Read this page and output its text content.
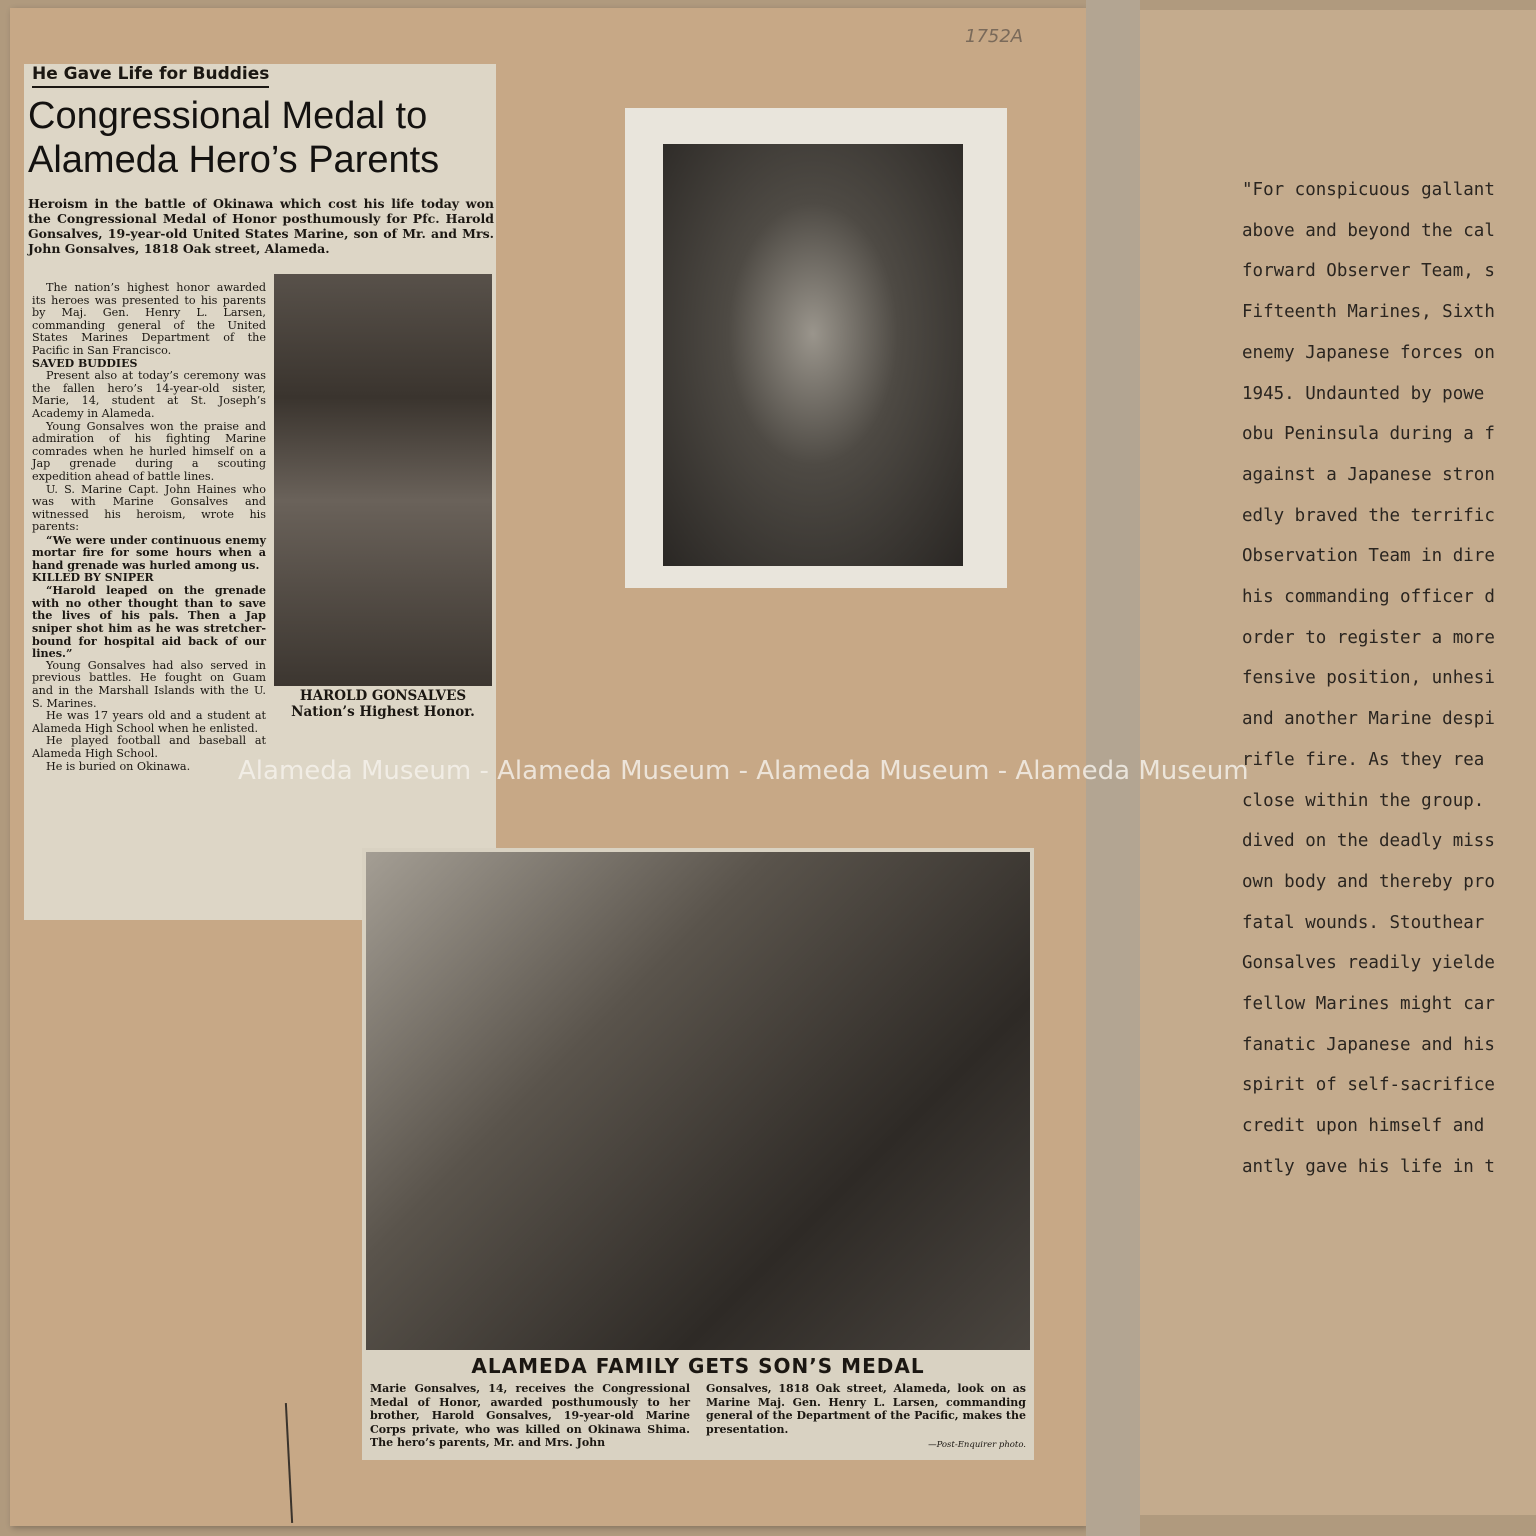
1752A
He Gave Life for Buddies
Congressional Medal to Alameda Hero’s Parents
Heroism in the battle of Okinawa which cost his life today won the Congressional Medal of Honor posthumously for Pfc. Harold Gonsalves, 19-year-old United States Marine, son of Mr. and Mrs. John Gonsalves, 1818 Oak street, Alameda.

The nation’s highest honor awarded its heroes was presented to his parents by Maj. Gen. Henry L. Larsen, commanding general of the United States Marines Department of the Pacific in San Francisco.

SAVED BUDDIES

Present also at today’s ceremony was the fallen hero’s 14-year-old sister, Marie, 14, student at St. Joseph’s Academy in Alameda.

Young Gonsalves won the praise and admiration of his fighting Marine comrades when he hurled himself on a Jap grenade during a scouting expedition ahead of battle lines.

U. S. Marine Capt. John Haines who was with Marine Gonsalves and witnessed his heroism, wrote his parents:

“We were under continuous enemy mortar fire for some hours when a hand grenade was hurled among us.

KILLED BY SNIPER

“Harold leaped on the grenade with no other thought than to save the lives of his pals. Then a Jap sniper shot him as he was stretcher-bound for hospital aid back of our lines.”

Young Gonsalves had also served in previous battles. He fought on Guam and in the Marshall Islands with the U. S. Marines.

He was 17 years old and a student at Alameda High School when he enlisted.

He played football and baseball at Alameda High School.

He is buried on Okinawa.

HAROLD GONSALVES
Nation’s Highest Honor.
ALAMEDA FAMILY GETS SON’S MEDAL
Marie Gonsalves, 14, receives the Congressional Medal of Honor, awarded posthumously to her brother, Harold Gonsalves, 19-year-old Marine Corps private, who was killed on Okinawa Shima. The hero’s parents, Mr. and Mrs. John
Gonsalves, 1818 Oak street, Alameda, look on as Marine Maj. Gen. Henry L. Larsen, commanding general of the Department of the Pacific, makes the presentation.
—Post-Enquirer photo.
"For conspicuous gallant
above and beyond the cal
forward Observer Team, s
Fifteenth Marines, Sixth
enemy Japanese forces on
1945. Undaunted by powe
obu Peninsula during a f
against a Japanese stron
edly braved the terrific
Observation Team in dire
his commanding officer d
order to register a more
fensive position, unhesi
and another Marine despi
rifle fire. As they rea
close within the group.
dived on the deadly miss
own body and thereby pro
fatal wounds. Stouthear
Gonsalves readily yielde
fellow Marines might car
fanatic Japanese and his
spirit of self-sacrifice
credit upon himself and
antly gave his life in t
Alameda Museum - Alameda Museum - Alameda Museum - Alameda Museum
